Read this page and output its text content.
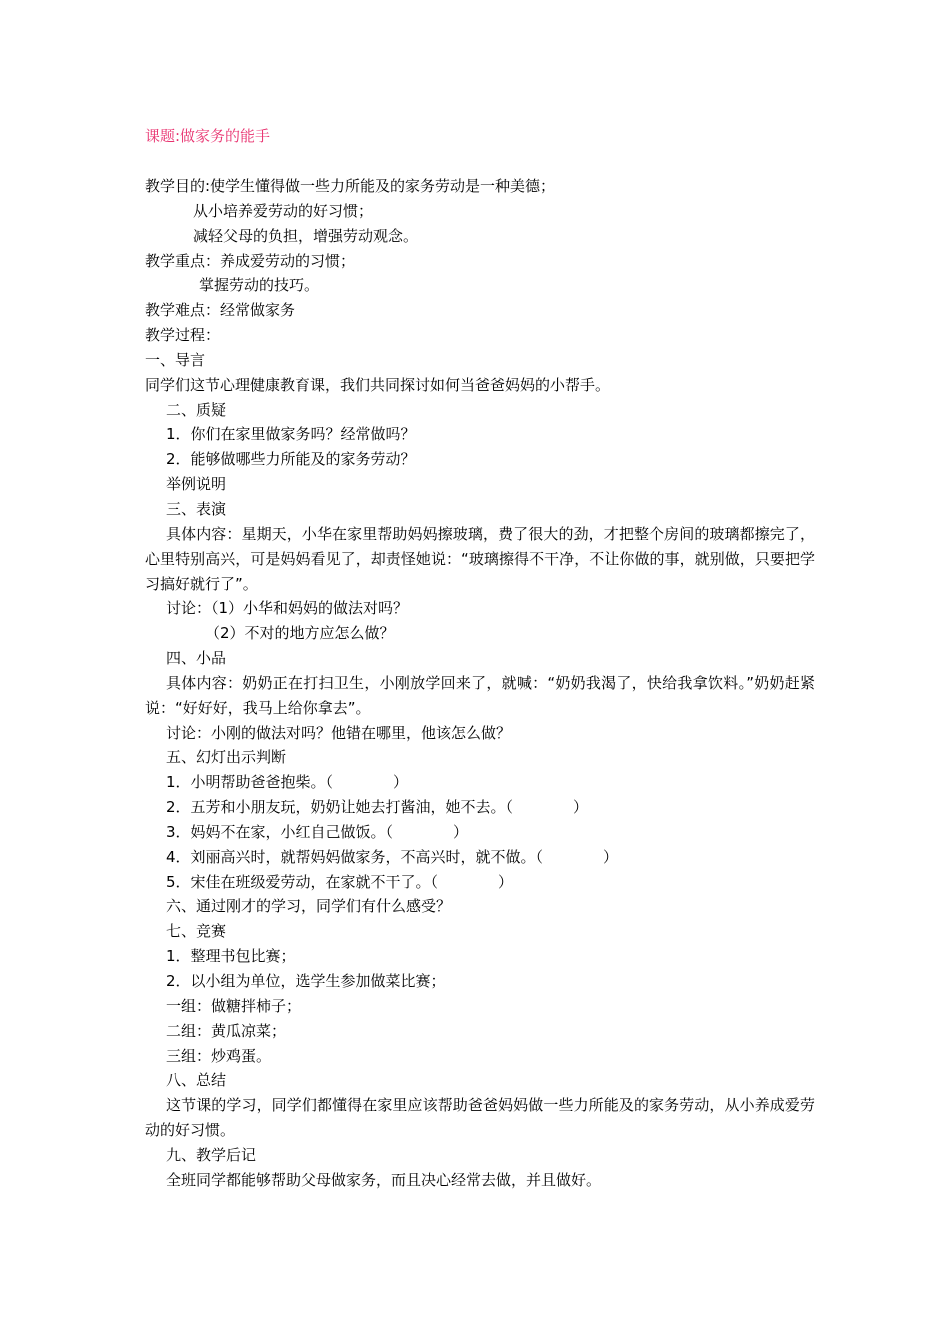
课题:做家务的能手
教学目的:使学生懂得做一些力所能及的家务劳动是一种美德；
从小培养爱劳动的好习惯；
减轻父母的负担，增强劳动观念。
教学重点：养成爱劳动的习惯；
掌握劳动的技巧。
教学难点：经常做家务
教学过程：
一、导言
同学们这节心理健康教育课，我们共同探讨如何当爸爸妈妈的小帮手。
二、质疑
1．你们在家里做家务吗？经常做吗？
2．能够做哪些力所能及的家务劳动？
举例说明
三、表演
具体内容：星期天，小华在家里帮助妈妈擦玻璃，费了很大的劲，才把整个房间的玻璃都擦完了，心里特别高兴，可是妈妈看见了，却责怪她说：“玻璃擦得不干净，不让你做的事，就别做，只要把学习搞好就行了”。
讨论：（1）小华和妈妈的做法对吗？
（2）不对的地方应怎么做？
四、小品
具体内容：奶奶正在打扫卫生，小刚放学回来了，就喊：“奶奶我渴了，快给我拿饮料。”奶奶赶紧说：“好好好，我马上给你拿去”。
讨论：小刚的做法对吗？他错在哪里，他该怎么做？
五、幻灯出示判断
1．小明帮助爸爸抱柴。（　　　　）
2．五芳和小朋友玩，奶奶让她去打酱油，她不去。（　　　　）
3．妈妈不在家，小红自己做饭。（　　　　）
4．刘丽高兴时，就帮妈妈做家务，不高兴时，就不做。（　　　　）
5．宋佳在班级爱劳动，在家就不干了。（　　　　）
六、通过刚才的学习，同学们有什么感受？
七、竞赛
1．整理书包比赛；
2．以小组为单位，选学生参加做菜比赛；
一组：做糖拌柿子；
二组：黄瓜凉菜；
三组：炒鸡蛋。
八、总结
这节课的学习，同学们都懂得在家里应该帮助爸爸妈妈做一些力所能及的家务劳动，从小养成爱劳动的好习惯。
九、教学后记
全班同学都能够帮助父母做家务，而且决心经常去做，并且做好。
